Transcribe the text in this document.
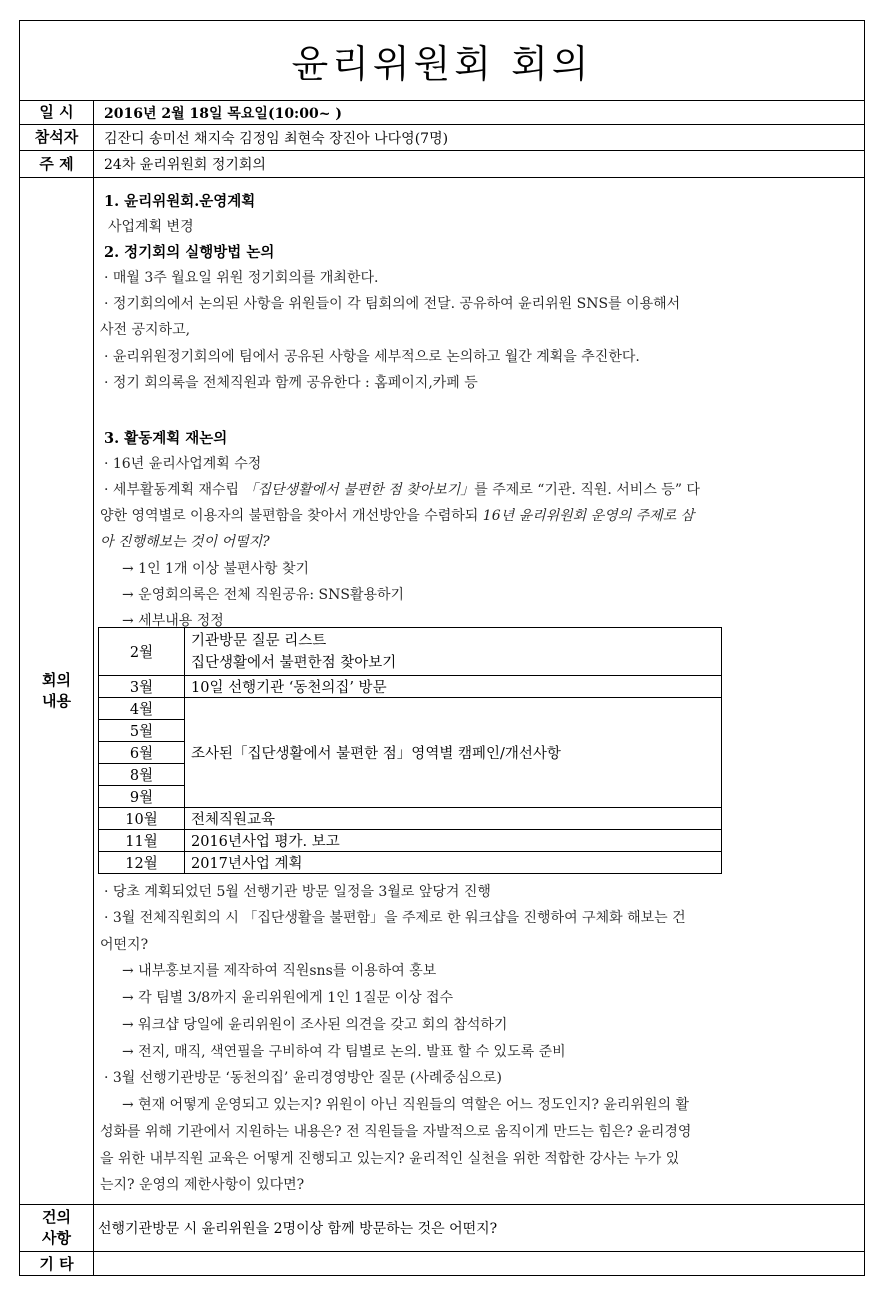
윤리위원회 회의
일 시	2016년 2월 18일 목요일(10:00~ )
참석자	김잔디 송미선 채지숙 김정임 최현숙 장진아 나다영(7명)
주 제	24차 윤리위원회 정기회의
회의
내용
1. 윤리위원회.운영계획
사업계획 변경
2. 정기회의 실행방법 논의
· 매월 3주 월요일 위원 정기회의를 개최한다.
· 정기회의에서 논의된 사항을 위원들이 각 팀회의에 전달. 공유하여 윤리위원 SNS를 이용해서
사전 공지하고,
· 윤리위원정기회의에 팀에서 공유된 사항을 세부적으로 논의하고 월간 계획을 추진한다.
· 정기 회의록을 전체직원과 함께 공유한다 : 홈페이지,카페 등
3. 활동계획 재논의
· 16년 윤리사업계획 수정
· 세부활동계획 재수립 「집단생활에서 불편한 점 찾아보기」를 주제로 “기관. 직원. 서비스 등” 다
양한 영역별로 이용자의 불편함을 찾아서 개선방안을 수렴하되 16년 윤리위원회 운영의 주제로 삼
아 진행해보는 것이 어떨지?
→ 1인 1개 이상 불편사항 찾기
→ 운영회의록은 전체 직원공유: SNS활용하기
→ 세부내용 정정
· 당초 계획되었던 5월 선행기관 방문 일정을 3월로 앞당겨 진행
· 3월 전체직원회의 시 「집단생활을 불편함」을 주제로 한 워크샵을 진행하여 구체화 해보는 건
어떤지?
→ 내부홍보지를 제작하여 직원sns를 이용하여 홍보
→ 각 팀별 3/8까지 윤리위원에게 1인 1질문 이상 접수
→ 워크샵 당일에 윤리위원이 조사된 의견을 갖고 회의 참석하기
→ 전지, 매직, 색연필을 구비하여 각 팀별로 논의. 발표 할 수 있도록 준비
· 3월 선행기관방문 ‘동천의집’ 윤리경영방안 질문 (사례중심으로)
→ 현재 어떻게 운영되고 있는지? 위원이 아닌 직원들의 역할은 어느 정도인지? 윤리위원의 활
성화를 위해 기관에서 지원하는 내용은? 전 직원들을 자발적으로 움직이게 만드는 힘은? 윤리경영
을 위한 내부직원 교육은 어떻게 진행되고 있는지? 윤리적인 실천을 위한 적합한 강사는 누가 있
는지? 운영의 제한사항이 있다면?
건의
사항	선행기관방문 시 윤리위원을 2명이상 함께 방문하는 것은 어떤지?
기 타
2월	기관방문 질문 리스트
집단생활에서 불편한점 찾아보기

3월	10일 선행기관 ‘동천의집’ 방문
4월	조사된「집단생활에서 불편한 점」영역별 캠페인/개선사항
5월	
6월	
8월	
9월	
10월	전체직원교육
11월	2016년사업 평가. 보고
12월	2017년사업 계획
